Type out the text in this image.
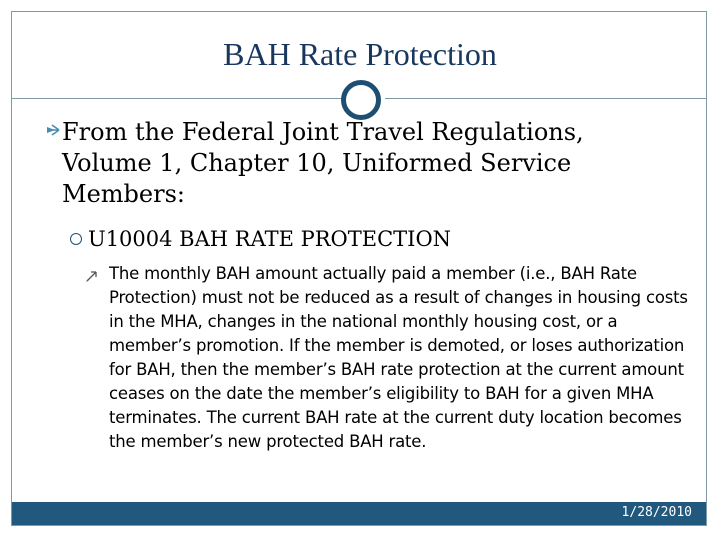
BAH Rate Protection
From the Federal Joint Travel Regulations, Volume 1, Chapter 10, Uniformed Service Members:
U10004 BAH RATE PROTECTION
The monthly BAH amount actually paid a member (i.e., BAH Rate Protection) must not be reduced as a result of changes in housing costs in the MHA, changes in the national monthly housing cost, or a member’s promotion. If the member is demoted, or loses authorization for BAH, then the member’s BAH rate protection at the current amount ceases on the date the member’s eligibility to BAH for a given MHA terminates. The current BAH rate at the current duty location becomes the member’s new protected BAH rate.
1/28/2010
